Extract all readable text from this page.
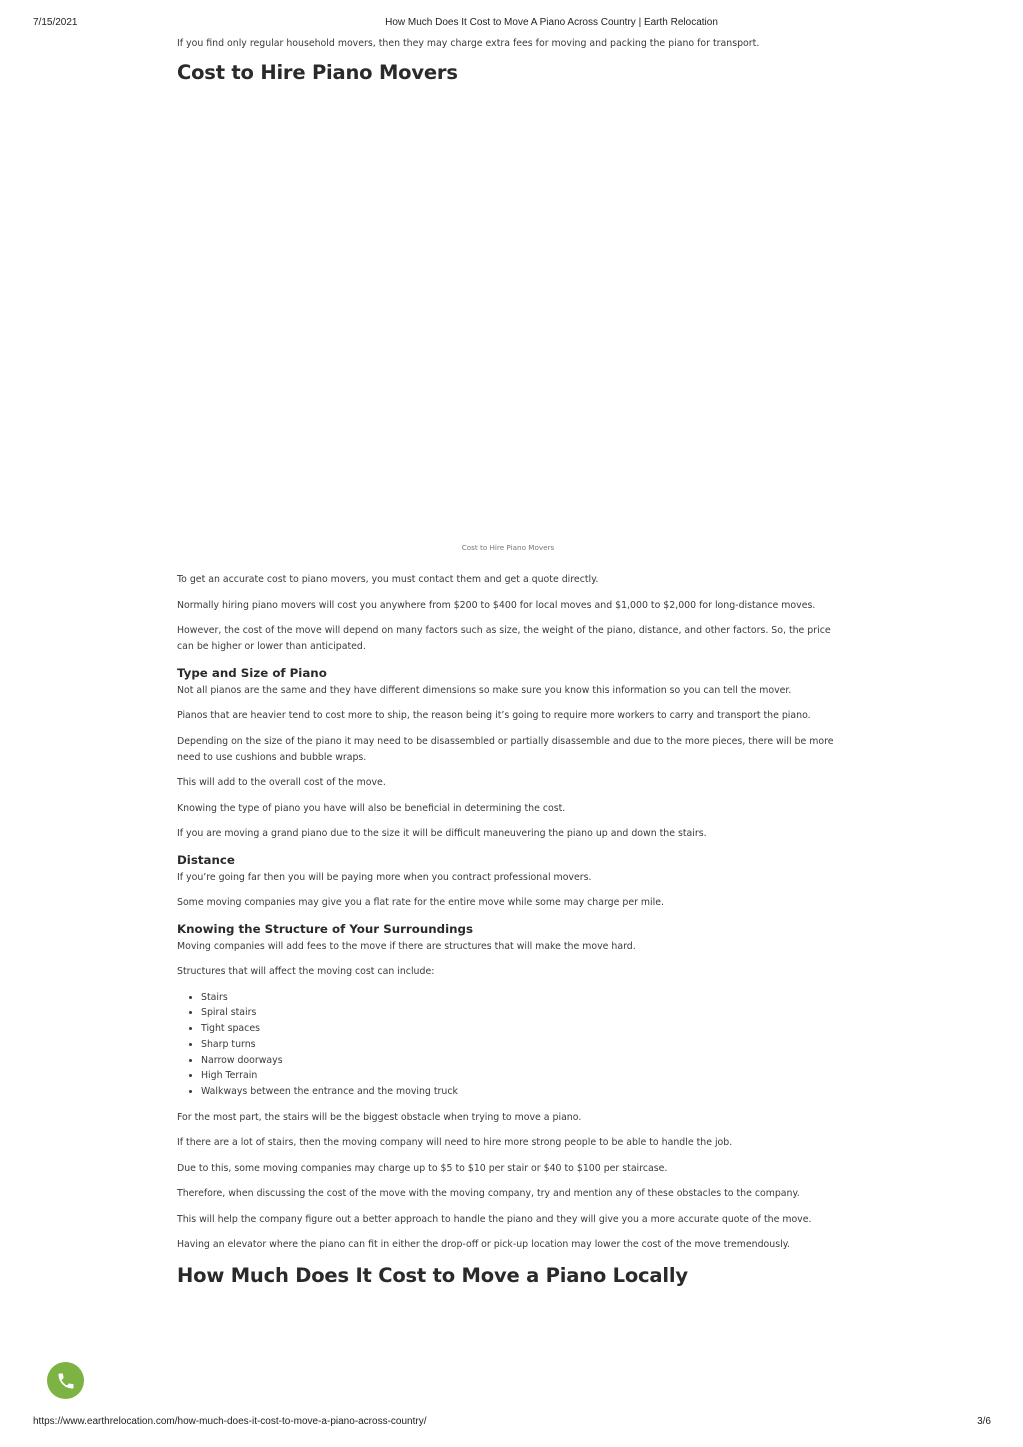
7/15/2021	How Much Does It Cost to Move A Piano Across Country | Earth Relocation

If you find only regular household movers, then they may charge extra fees for moving and packing the piano for transport.

Cost to Hire Piano Movers
Cost to Hire Piano Movers

To get an accurate cost to piano movers, you must contact them and get a quote directly.

Normally hiring piano movers will cost you anywhere from $200 to $400 for local moves and $1,000 to $2,000 for long-distance moves.

However, the cost of the move will depend on many factors such as size, the weight of the piano, distance, and other factors. So, the price can be higher or lower than anticipated.

Type and Size of Piano

Not all pianos are the same and they have different dimensions so make sure you know this information so you can tell the mover.

Pianos that are heavier tend to cost more to ship, the reason being it’s going to require more workers to carry and transport the piano.

Depending on the size of the piano it may need to be disassembled or partially disassemble and due to the more pieces, there will be more need to use cushions and bubble wraps.

This will add to the overall cost of the move.

Knowing the type of piano you have will also be beneficial in determining the cost.

If you are moving a grand piano due to the size it will be difficult maneuvering the piano up and down the stairs.

Distance

If you’re going far then you will be paying more when you contract professional movers.

Some moving companies may give you a flat rate for the entire move while some may charge per mile.

Knowing the Structure of Your Surroundings

Moving companies will add fees to the move if there are structures that will make the move hard.

Structures that will affect the moving cost can include:

• Stairs
• Spiral stairs
• Tight spaces
• Sharp turns
• Narrow doorways
• High Terrain
• Walkways between the entrance and the moving truck

For the most part, the stairs will be the biggest obstacle when trying to move a piano.

If there are a lot of stairs, then the moving company will need to hire more strong people to be able to handle the job.

Due to this, some moving companies may charge up to $5 to $10 per stair or $40 to $100 per staircase.

Therefore, when discussing the cost of the move with the moving company, try and mention any of these obstacles to the company.

This will help the company figure out a better approach to handle the piano and they will give you a more accurate quote of the move.

Having an elevator where the piano can fit in either the drop-off or pick-up location may lower the cost of the move tremendously.

How Much Does It Cost to Move a Piano Locally
https://www.earthrelocation.com/how-much-does-it-cost-to-move-a-piano-across-country/	3/6
